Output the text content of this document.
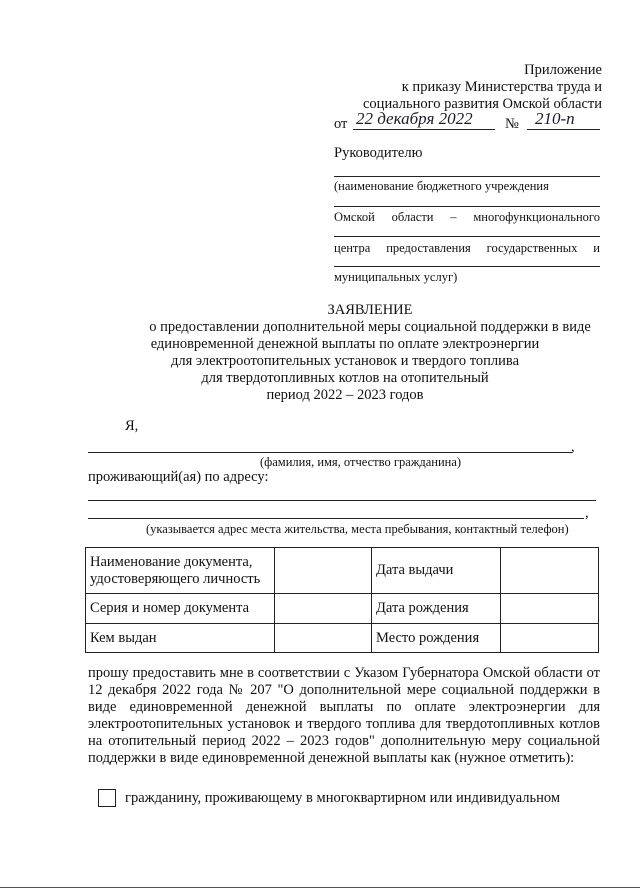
Приложение
к приказу Министерства труда и
социального развития Омской области
от 22 декабря 2022 № 210-п
Руководителю
(наименование бюджетного учреждения
Омской области – многофункционального
центра предоставления государственных и
муниципальных услуг)
ЗАЯВЛЕНИЕ
о предоставлении дополнительной меры социальной поддержки в виде
единовременной денежной выплаты по оплате электроэнергии
для электроотопительных установок и твердого топлива
для твердотопливных котлов на отопительный
период 2022 – 2023 годов
Я,
,
(фамилия, имя, отчество гражданина)
проживающий(ая) по адресу:
,
(указывается адрес места жительства, места пребывания, контактный телефон)
Наименование документа, удостоверяющего личность		Дата выдачи	
Серия и номер документа		Дата рождения	
Кем выдан		Место рождения	
прошу предоставить мне в соответствии с Указом Губернатора Омской области от 12 декабря 2022 года № 207 "О дополнительной мере социальной поддержки в виде единовременной денежной выплаты по оплате электроэнергии для электроотопительных установок и твердого топлива для твердотопливных котлов на отопительный период 2022 – 2023 годов" дополнительную меру социальной поддержки в виде единовременной денежной выплаты как (нужное отметить):
гражданину, проживающему в многоквартирном или индивидуальном
